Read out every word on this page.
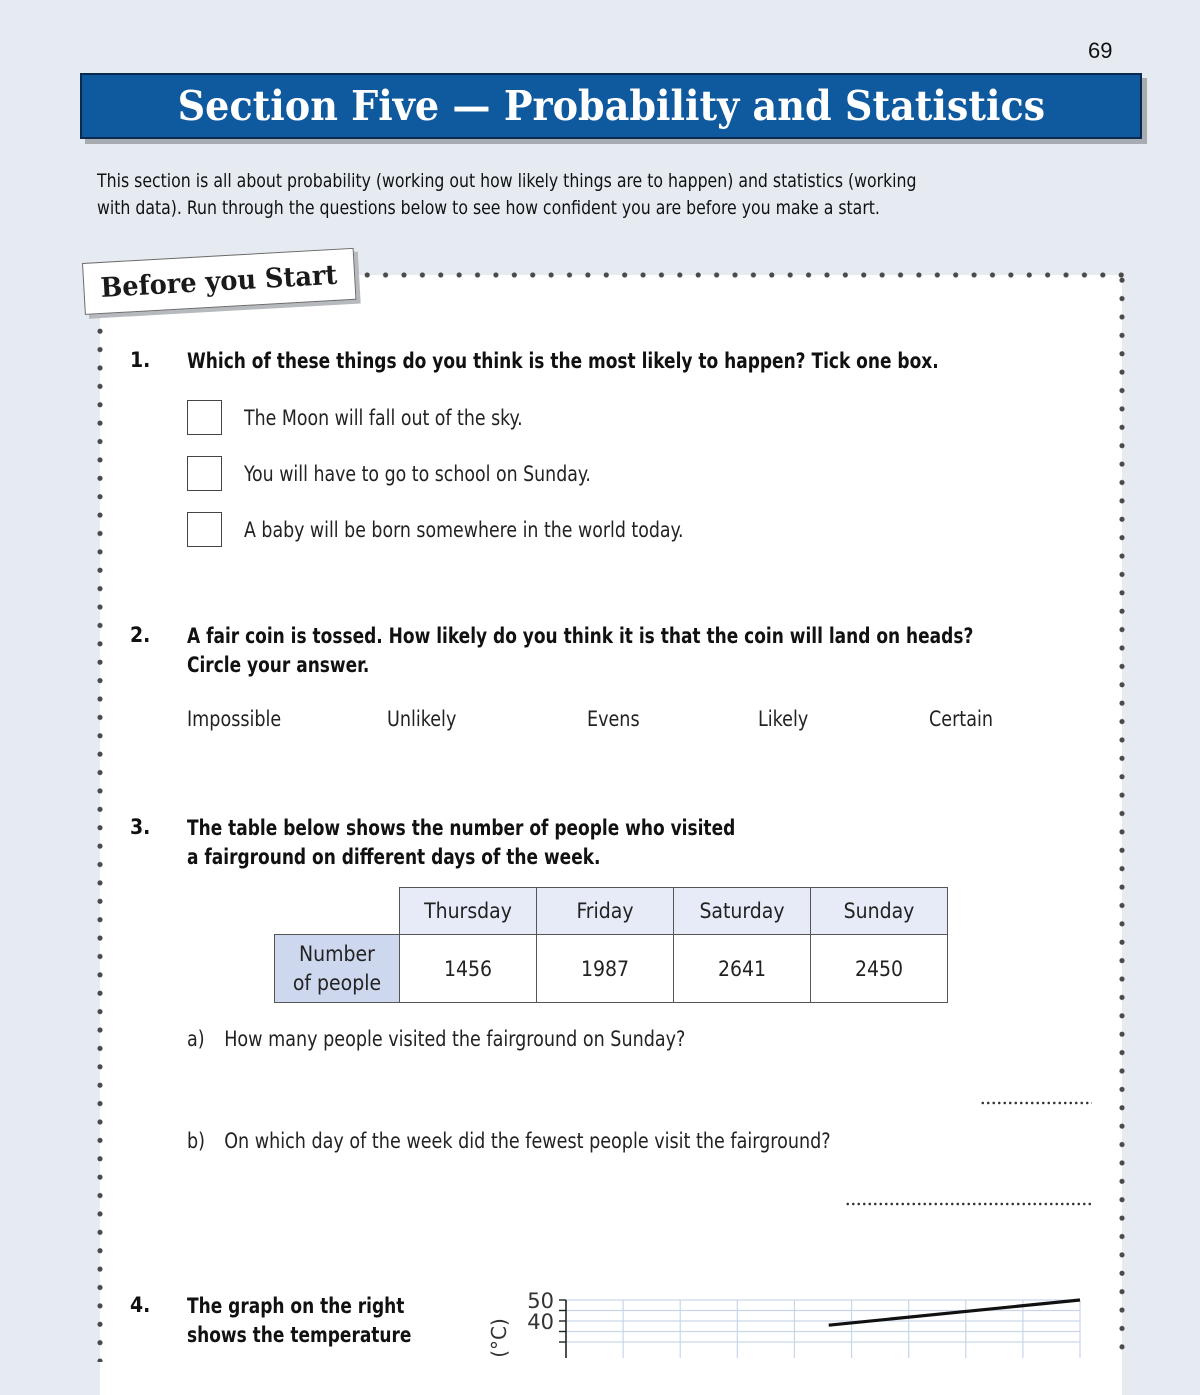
69
Section Five — Probability and Statistics
This section is all about probability (working out how likely things are to happen) and statistics (working
with data). Run through the questions below to see how confident you are before you make a start.
Before you Start
1. Which of these things do you think is the most likely to happen? Tick one box.
The Moon will fall out of the sky.
You will have to go to school on Sunday.
A baby will be born somewhere in the world today.
2. A fair coin is tossed. How likely do you think it is that the coin will land on heads?
Circle your answer.
Impossible	Unlikely	Evens	Likely	Certain
3. The table below shows the number of people who visited
a fairground on different days of the week.
	Thursday	Friday	Saturday	Sunday

Number
of people	1456	1987	2641	2450
a) How many people visited the fairground on Sunday?
b) On which day of the week did the fewest people visit the fairground?
4. The graph on the right
shows the temperature
50
40
(°C)
